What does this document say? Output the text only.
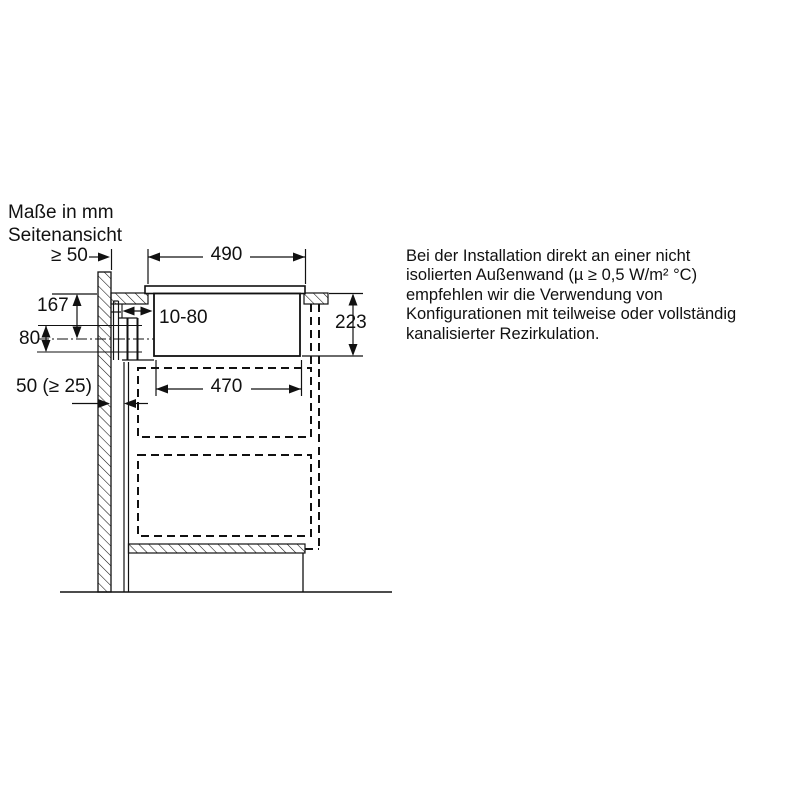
Maße in mm
Seitenansicht
≥ 50	490
167
80
10-80	223
470
50 (≥ 25)
Bei der Installation direkt an einer nicht
isolierten Außenwand (µ ≥ 0,5 W/m² °C)
empfehlen wir die Verwendung von
Konfigurationen mit teilweise oder vollständig
kanalisierter Rezirkulation.
